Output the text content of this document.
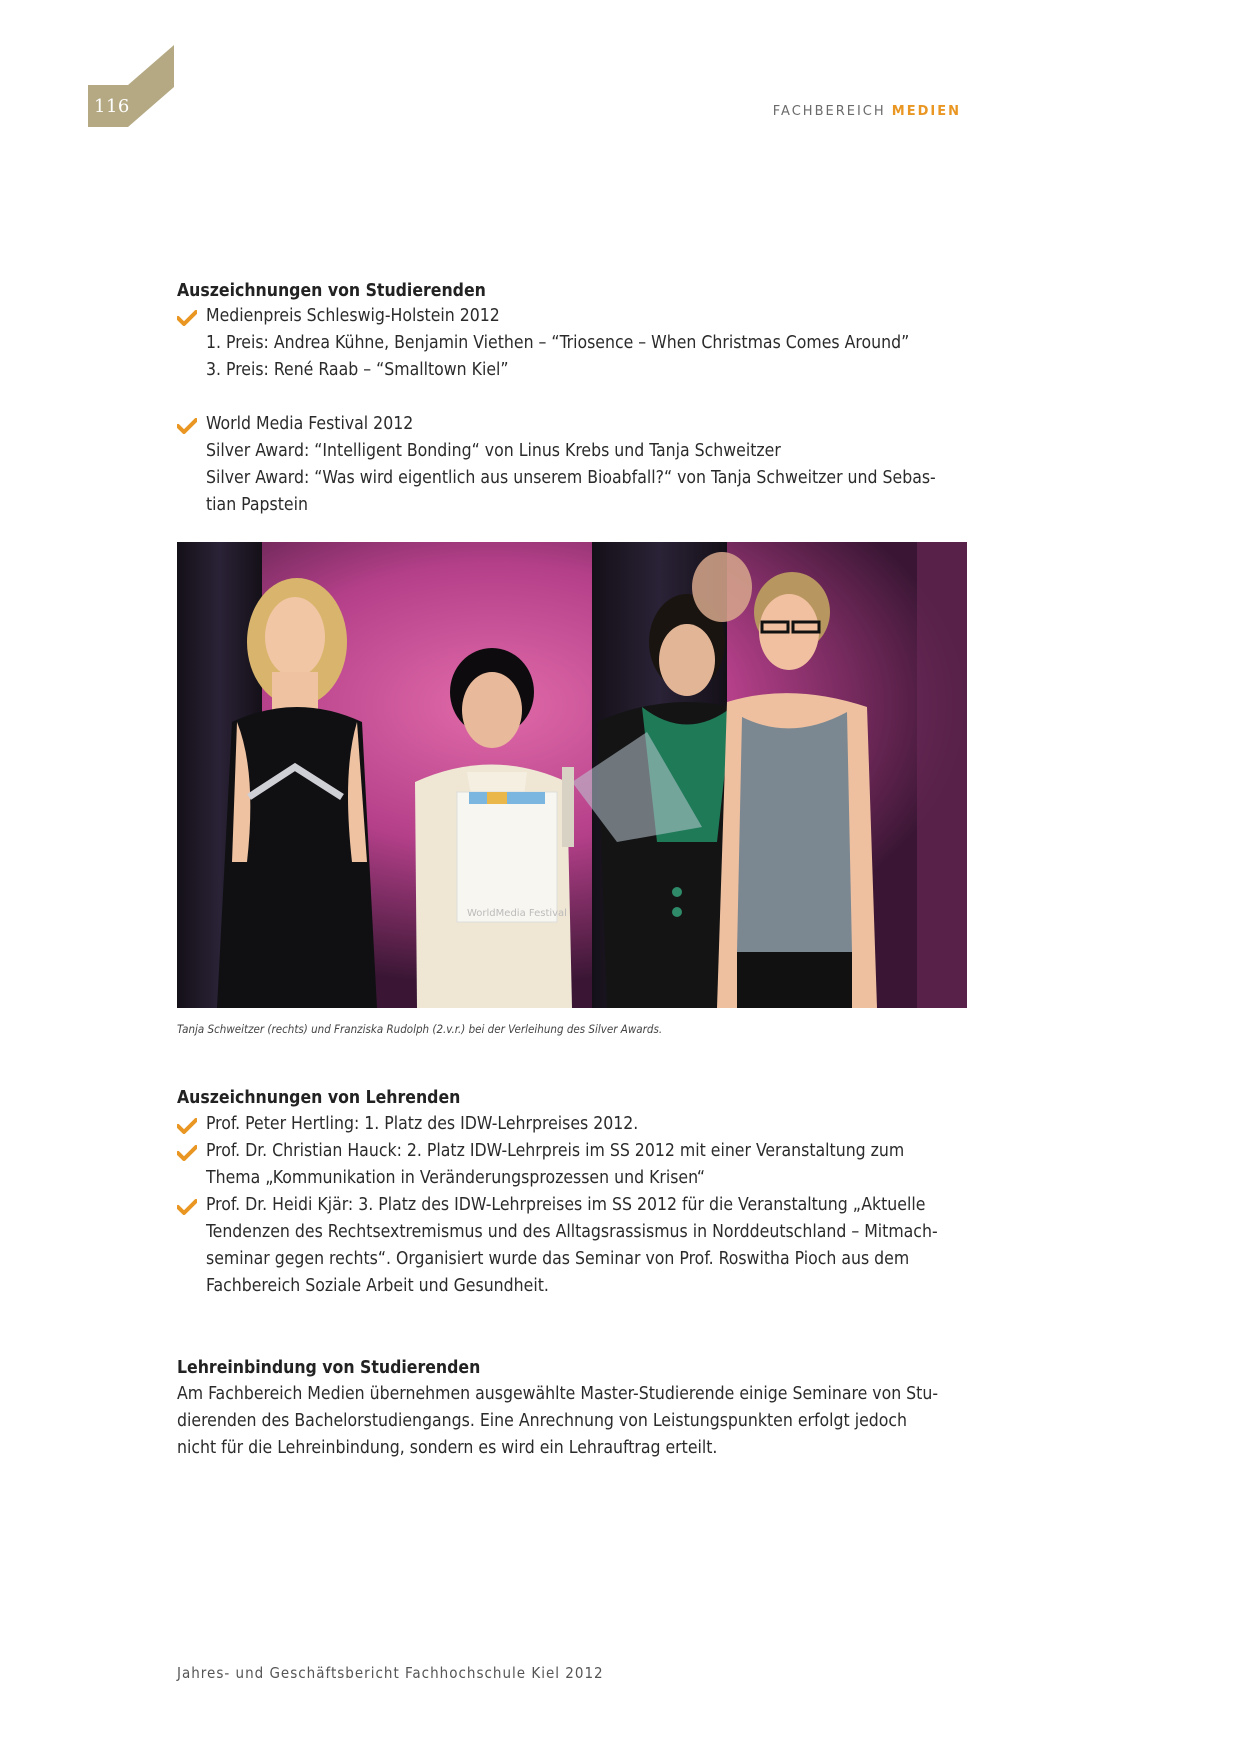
116	FACHBEREICH MEDIEN
Auszeichnungen von Studierenden
Medienpreis Schleswig-Holstein 2012
1. Preis: Andrea Kühne, Benjamin Viethen – “Triosence – When Christmas Comes Around”
3. Preis: René Raab – “Smalltown Kiel”
World Media Festival 2012
Silver Award: “Intelligent Bonding“ von Linus Krebs und Tanja Schweitzer
Silver Award: “Was wird eigentlich aus unserem Bioabfall?“ von Tanja Schweitzer und Sebas-
tian Papstein
WorldMedia Festival
Tanja Schweitzer (rechts) und Franziska Rudolph (2.v.r.) bei der Verleihung des Silver Awards.
Auszeichnungen von Lehrenden
Prof. Peter Hertling: 1. Platz des IDW-Lehrpreises 2012.
Prof. Dr. Christian Hauck: 2. Platz IDW-Lehrpreis im SS 2012 mit einer Veranstaltung zum
Thema „Kommunikation in Veränderungsprozessen und Krisen“
Prof. Dr. Heidi Kjär: 3. Platz des IDW-Lehrpreises im SS 2012 für die Veranstaltung „Aktuelle
Tendenzen des Rechtsextremismus und des Alltagsrassismus in Norddeutschland – Mitmach-
seminar gegen rechts“. Organisiert wurde das Seminar von Prof. Roswitha Pioch aus dem
Fachbereich Soziale Arbeit und Gesundheit.
Lehreinbindung von Studierenden
Am Fachbereich Medien übernehmen ausgewählte Master-Studierende einige Seminare von Stu-
dierenden des Bachelorstudiengangs. Eine Anrechnung von Leistungspunkten erfolgt jedoch
nicht für die Lehreinbindung, sondern es wird ein Lehrauftrag erteilt.
Jahres- und Geschäftsbericht Fachhochschule Kiel 2012
